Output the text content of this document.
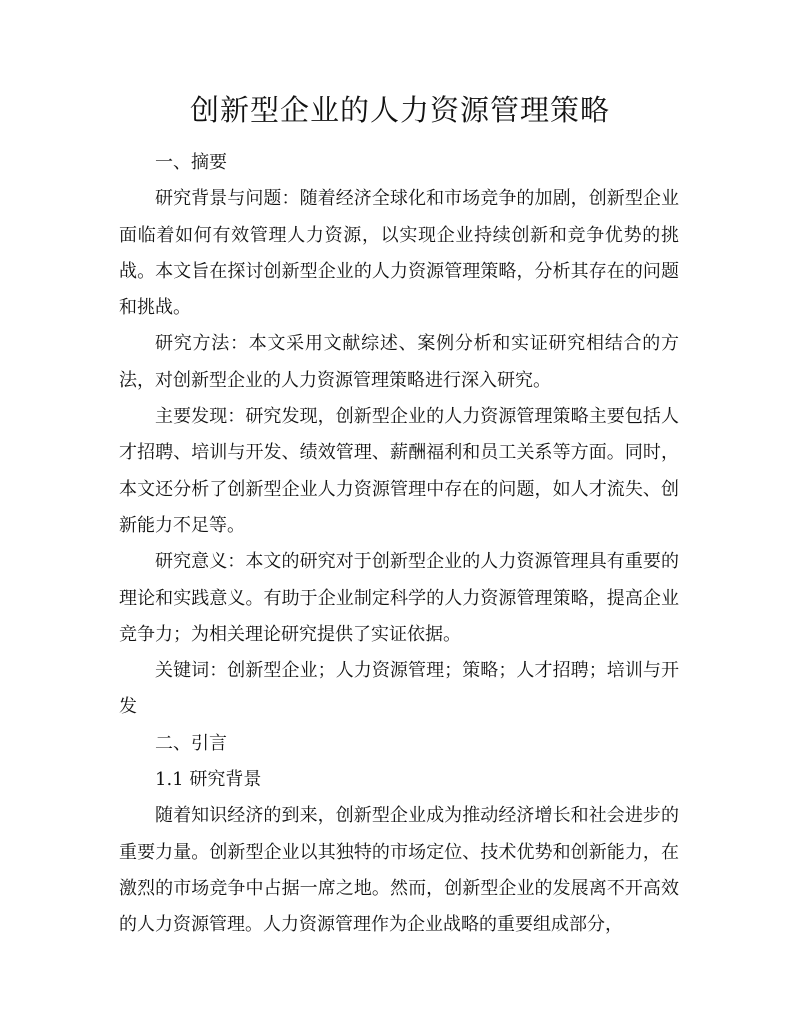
创新型企业的人力资源管理策略

一、摘要

研究背景与问题：随着经济全球化和市场竞争的加剧，创新型企业面临着如何有效管理人力资源，以实现企业持续创新和竞争优势的挑战。本文旨在探讨创新型企业的人力资源管理策略，分析其存在的问题和挑战。

研究方法：本文采用文献综述、案例分析和实证研究相结合的方法，对创新型企业的人力资源管理策略进行深入研究。

主要发现：研究发现，创新型企业的人力资源管理策略主要包括人才招聘、培训与开发、绩效管理、薪酬福利和员工关系等方面。同时，本文还分析了创新型企业人力资源管理中存在的问题，如人才流失、创新能力不足等。

研究意义：本文的研究对于创新型企业的人力资源管理具有重要的理论和实践意义。有助于企业制定科学的人力资源管理策略，提高企业竞争力；为相关理论研究提供了实证依据。

关键词：创新型企业；人力资源管理；策略；人才招聘；培训与开发

二、引言

1.1 研究背景

随着知识经济的到来，创新型企业成为推动经济增长和社会进步的重要力量。创新型企业以其独特的市场定位、技术优势和创新能力，在激烈的市场竞争中占据一席之地。然而，创新型企业的发展离不开高效的人力资源管理。人力资源管理作为企业战略的重要组成部分，
